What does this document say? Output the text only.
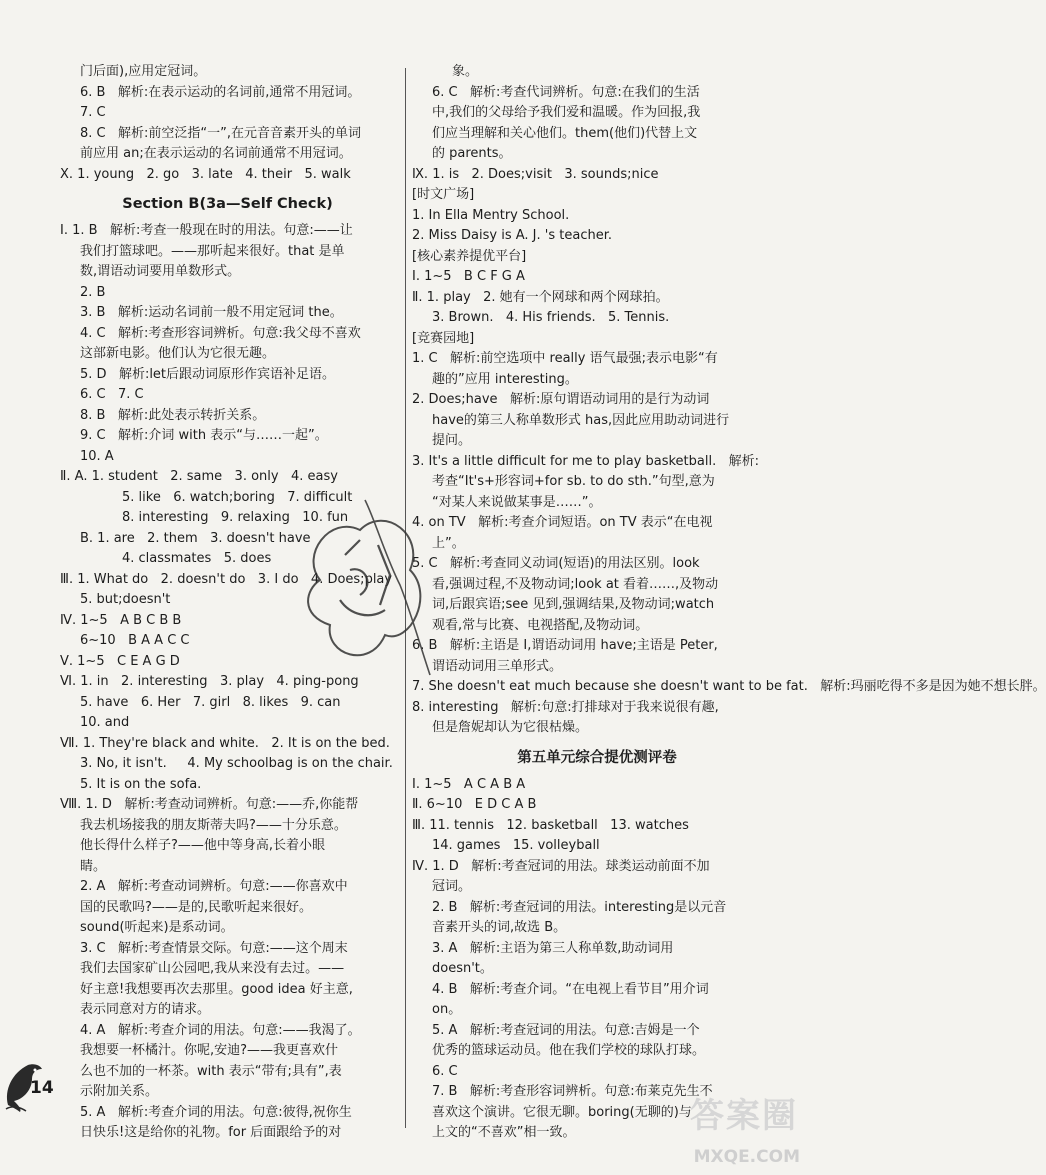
门后面),应用定冠词。
6. B   解析:在表示运动的名词前,通常不用冠词。
7. C
8. C   解析:前空泛指“一”,在元音音素开头的单词
前应用 an;在表示运动的名词前通常不用冠词。
X. 1. young   2. go   3. late   4. their   5. walk
Section B(3a—Self Check)
Ⅰ. 1. B   解析:考查一般现在时的用法。句意:——让
我们打篮球吧。——那听起来很好。that 是单
数,谓语动词要用单数形式。
2. B
3. B   解析:运动名词前一般不用定冠词 the。
4. C   解析:考查形容词辨析。句意:我父母不喜欢
这部新电影。他们认为它很无趣。
5. D   解析:let后跟动词原形作宾语补足语。
6. C   7. C
8. B   解析:此处表示转折关系。
9. C   解析:介词 with 表示“与……一起”。
10. A
Ⅱ. A. 1. student   2. same   3. only   4. easy
5. like   6. watch;boring   7. difficult
8. interesting   9. relaxing   10. fun
B. 1. are   2. them   3. doesn't have
4. classmates   5. does
Ⅲ. 1. What do   2. doesn't do   3. I do   4. Does;play
5. but;doesn't
Ⅳ. 1~5   A B C B B
6~10   B A A C C
Ⅴ. 1~5   C E A G D
Ⅵ. 1. in   2. interesting   3. play   4. ping-pong
5. have   6. Her   7. girl   8. likes   9. can
10. and
Ⅶ. 1. They're black and white.   2. It is on the bed.
3. No, it isn't.     4. My schoolbag is on the chair.
5. It is on the sofa.
Ⅷ. 1. D   解析:考查动词辨析。句意:——乔,你能帮
我去机场接我的朋友斯蒂夫吗?——十分乐意。
他长得什么样子?——他中等身高,长着小眼
睛。
2. A   解析:考查动词辨析。句意:——你喜欢中
国的民歌吗?——是的,民歌听起来很好。
sound(听起来)是系动词。
3. C   解析:考查情景交际。句意:——这个周末
我们去国家矿山公园吧,我从来没有去过。——
好主意!我想要再次去那里。good idea 好主意,
表示同意对方的请求。
4. A   解析:考查介词的用法。句意:——我渴了。
我想要一杯橘汁。你呢,安迪?——我更喜欢什
么也不加的一杯茶。with 表示“带有;具有”,表
示附加关系。
5. A   解析:考查介词的用法。句意:彼得,祝你生
日快乐!这是给你的礼物。for 后面跟给予的对
象。
6. C   解析:考查代词辨析。句意:在我们的生活
中,我们的父母给予我们爱和温暖。作为回报,我
们应当理解和关心他们。them(他们)代替上文
的 parents。
Ⅸ. 1. is   2. Does;visit   3. sounds;nice
[时文广场]
1. In Ella Mentry School.
2. Miss Daisy is A. J. 's teacher.
[核心素养提优平台]
Ⅰ. 1~5   B C F G A
Ⅱ. 1. play   2. 她有一个网球和两个网球拍。
3. Brown.   4. His friends.   5. Tennis.
[竞赛园地]
1. C   解析:前空选项中 really 语气最强;表示电影“有
趣的”应用 interesting。
2. Does;have   解析:原句谓语动词用的是行为动词
have的第三人称单数形式 has,因此应用助动词进行
提问。
3. It's a little difficult for me to play basketball.   解析:
考查“It's+形容词+for sb. to do sth.”句型,意为
“对某人来说做某事是……”。
4. on TV   解析:考查介词短语。on TV 表示“在电视
上”。
5. C   解析:考查同义动词(短语)的用法区别。look
看,强调过程,不及物动词;look at 看着……,及物动
词,后跟宾语;see 见到,强调结果,及物动词;watch
观看,常与比赛、电视搭配,及物动词。
6. B   解析:主语是 I,谓语动词用 have;主语是 Peter,
谓语动词用三单形式。
7. She doesn't eat much because she doesn't want to be fat.   解析:玛丽吃得不多是因为她不想长胖。
8. interesting   解析:句意:打排球对于我来说很有趣,
但是詹妮却认为它很枯燥。
第五单元综合提优测评卷
Ⅰ. 1~5   A C A B A
Ⅱ. 6~10   E D C A B
Ⅲ. 11. tennis   12. basketball   13. watches
14. games   15. volleyball
Ⅳ. 1. D   解析:考查冠词的用法。球类运动前面不加
冠词。
2. B   解析:考查冠词的用法。interesting是以元音
音素开头的词,故选 B。
3. A   解析:主语为第三人称单数,助动词用
doesn't。
4. B   解析:考查介词。“在电视上看节目”用介词
on。
5. A   解析:考查冠词的用法。句意:吉姆是一个
优秀的篮球运动员。他在我们学校的球队打球。
6. C
7. B   解析:考查形容词辨析。句意:布莱克先生不
喜欢这个演讲。它很无聊。boring(无聊的)与
上文的“不喜欢”相一致。
14
答案圈
MXQE.COM
